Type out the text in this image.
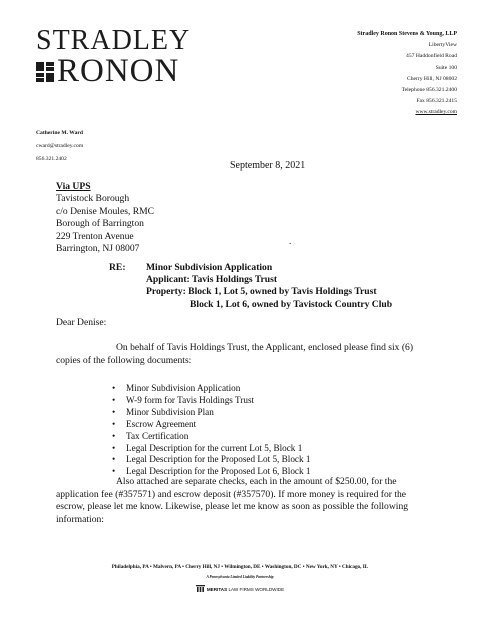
STRADLEY
RONON
Stradley Ronon Stevens & Young, LLP
LibertyView
457 Haddonfield Road
Suite 100
Cherry Hill, NJ 08002
Telephone 856.321.2400
Fax 856.321.2415
www.stradley.com
Catherine M. Ward
cward@stradley.com
856.321.2402
September 8, 2021
Via UPS
Tavistock Borough
c/o Denise Moules, RMC
Borough of Barrington
229 Trenton Avenue
Barrington, NJ 08007
.
RE: Minor Subdivision Application
Applicant: Tavis Holdings Trust
Property: Block 1, Lot 5, owned by Tavis Holdings Trust
Block 1, Lot 6, owned by Tavistock Country Club
Dear Denise:
On behalf of Tavis Holdings Trust, the Applicant, enclosed please find six (6)
copies of the following documents:
• Minor Subdivision Application
• W-9 form for Tavis Holdings Trust
• Minor Subdivision Plan
• Escrow Agreement
• Tax Certification
• Legal Description for the current Lot 5, Block 1
• Legal Description for the Proposed Lot 5, Block 1
• Legal Description for the Proposed Lot 6, Block 1
Also attached are separate checks, each in the amount of $250.00, for the
application fee (#357571) and escrow deposit (#357570). If more money is required for the
escrow, please let me know. Likewise, please let me know as soon as possible the following
information:
Philadelphia, PA • Malvern, PA • Cherry Hill, NJ • Wilmington, DE • Washington, DC • New York, NY • Chicago, IL
A Pennsylvania Limited Liability Partnership
MERITAS LAW FIRMS WORLDWIDE
